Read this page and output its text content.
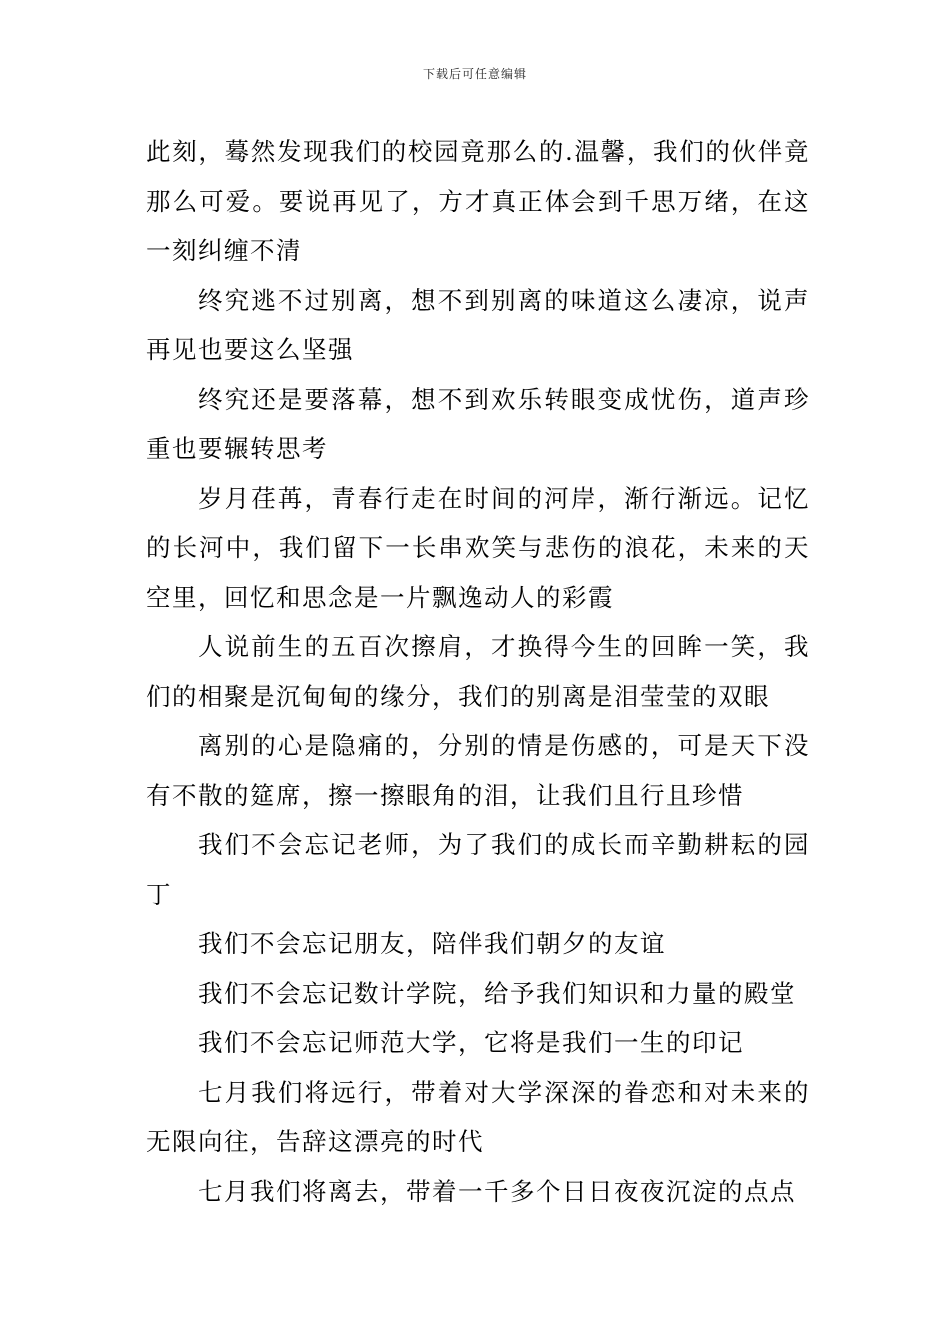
下载后可任意编辑

此刻，蓦然发现我们的校园竟那么的.温馨，我们的伙伴竟那么可爱。要说再见了，方才真正体会到千思万绪，在这一刻纠缠不清

终究逃不过别离，想不到别离的味道这么凄凉，说声再见也要这么坚强

终究还是要落幕，想不到欢乐转眼变成忧伤，道声珍重也要辗转思考

岁月荏苒，青春行走在时间的河岸，渐行渐远。记忆的长河中，我们留下一长串欢笑与悲伤的浪花，未来的天空里，回忆和思念是一片飘逸动人的彩霞

人说前生的五百次擦肩，才换得今生的回眸一笑，我们的相聚是沉甸甸的缘分，我们的别离是泪莹莹的双眼

离别的心是隐痛的，分别的情是伤感的，可是天下没有不散的筵席，擦一擦眼角的泪，让我们且行且珍惜

我们不会忘记老师，为了我们的成长而辛勤耕耘的园丁

我们不会忘记朋友，陪伴我们朝夕的友谊

我们不会忘记数计学院，给予我们知识和力量的殿堂

我们不会忘记师范大学，它将是我们一生的印记

七月我们将远行，带着对大学深深的眷恋和对未来的无限向往，告辞这漂亮的时代

七月我们将离去，带着一千多个日日夜夜沉淀的点点
